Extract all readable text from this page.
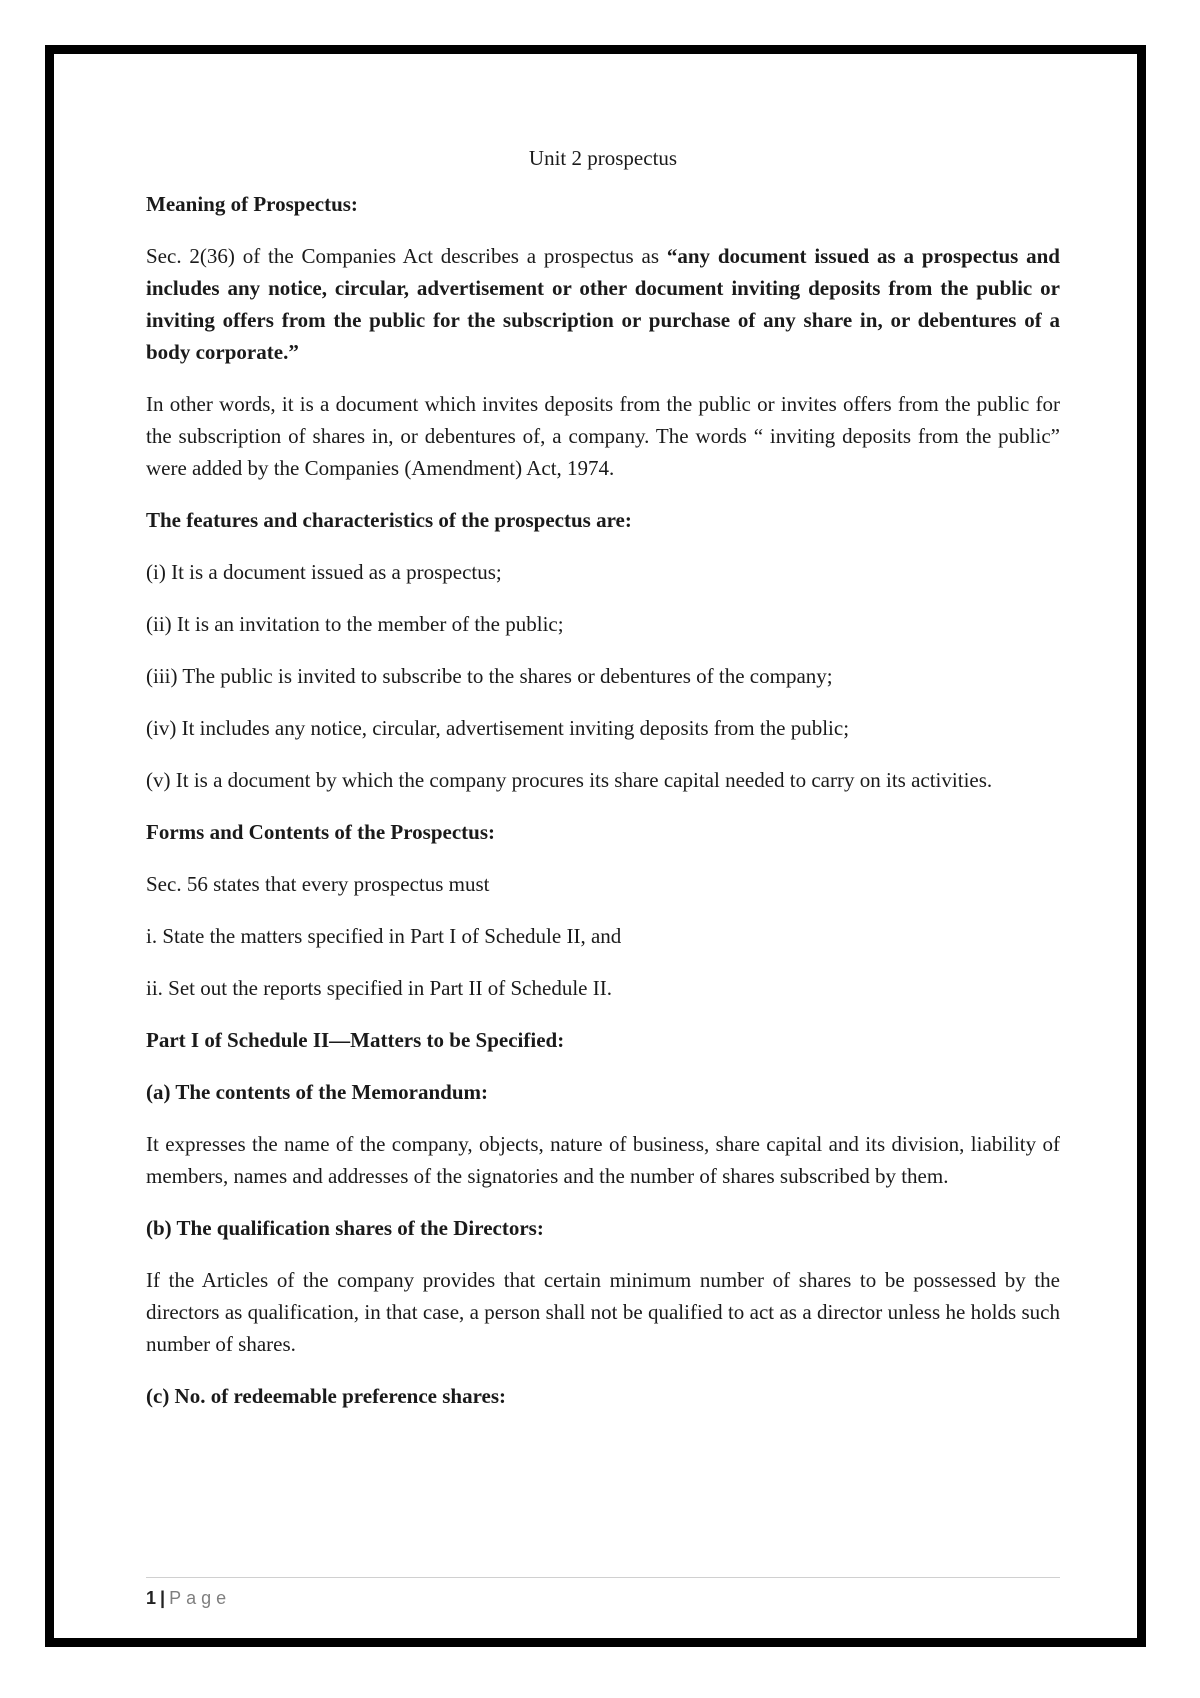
Unit 2 prospectus
Meaning of Prospectus:

Sec. 2(36) of the Companies Act describes a prospectus as “any document issued as a prospectus and includes any notice, circular, advertisement or other document inviting deposits from the public or inviting offers from the public for the subscription or purchase of any share in, or debentures of a body corporate.”

In other words, it is a document which invites deposits from the public or invites offers from the public for the subscription of shares in, or debentures of, a company. The words “ inviting deposits from the public” were added by the Companies (Amendment) Act, 1974.

The features and characteristics of the prospectus are:
(i) It is a document issued as a prospectus;
(ii) It is an invitation to the member of the public;
(iii) The public is invited to subscribe to the shares or debentures of the company;
(iv) It includes any notice, circular, advertisement inviting deposits from the public;
(v) It is a document by which the company procures its share capital needed to carry on its activities.
Forms and Contents of the Prospectus:

Sec. 56 states that every prospectus must

i. State the matters specified in Part I of Schedule II, and
ii. Set out the reports specified in Part II of Schedule II.
Part I of Schedule II—Matters to be Specified:
(a) The contents of the Memorandum:

It expresses the name of the company, objects, nature of business, share capital and its division, liability of members, names and addresses of the signatories and the number of shares subscribed by them.

(b) The qualification shares of the Directors:

If the Articles of the company provides that certain minimum number of shares to be possessed by the directors as qualification, in that case, a person shall not be qualified to act as a director unless he holds such number of shares.

(c) No. of redeemable preference shares:
1 | Page
